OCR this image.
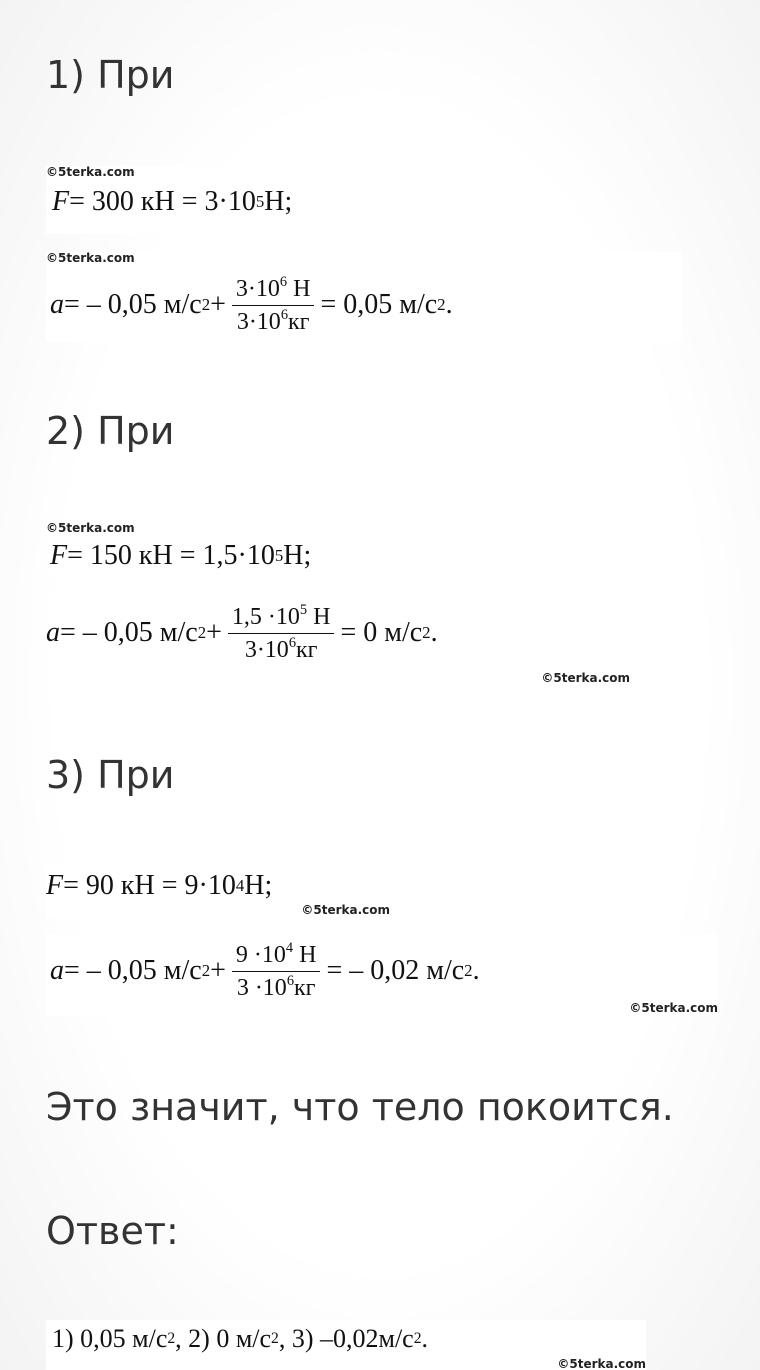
1) При
©5terka.com
F = 300 кН = 3·10 5 Н;
©5terka.com
a = – 0,05 м/с $2 + \frac{3\cdot 10^6 Н}{3\cdot 10^6кг} = 0,05$ м/с 2 .
2) При
©5terka.com
F = 150 кН = 1,5·10 5 Н;
a = – 0,05 м/с $2 + \frac{1,5 \cdot 10^5 Н}{3\cdot 10^6кг} = 0$ м/с 2 .
©5terka.com
3) При
F = 90 кН = 9·10 4 Н;
©5terka.com
a = – 0,05 м/с $2 + \frac{9 \cdot 10^4 Н}{3 \cdot 10^6кг}$ = – 0,02 м/с 2 .
©5terka.com
Это значит, что тело покоится.
Ответ:
1) 0,05 м/с 2 , 2) 0 м/с 2 , 3) –0,02м/с 2 .
©5terka.com
